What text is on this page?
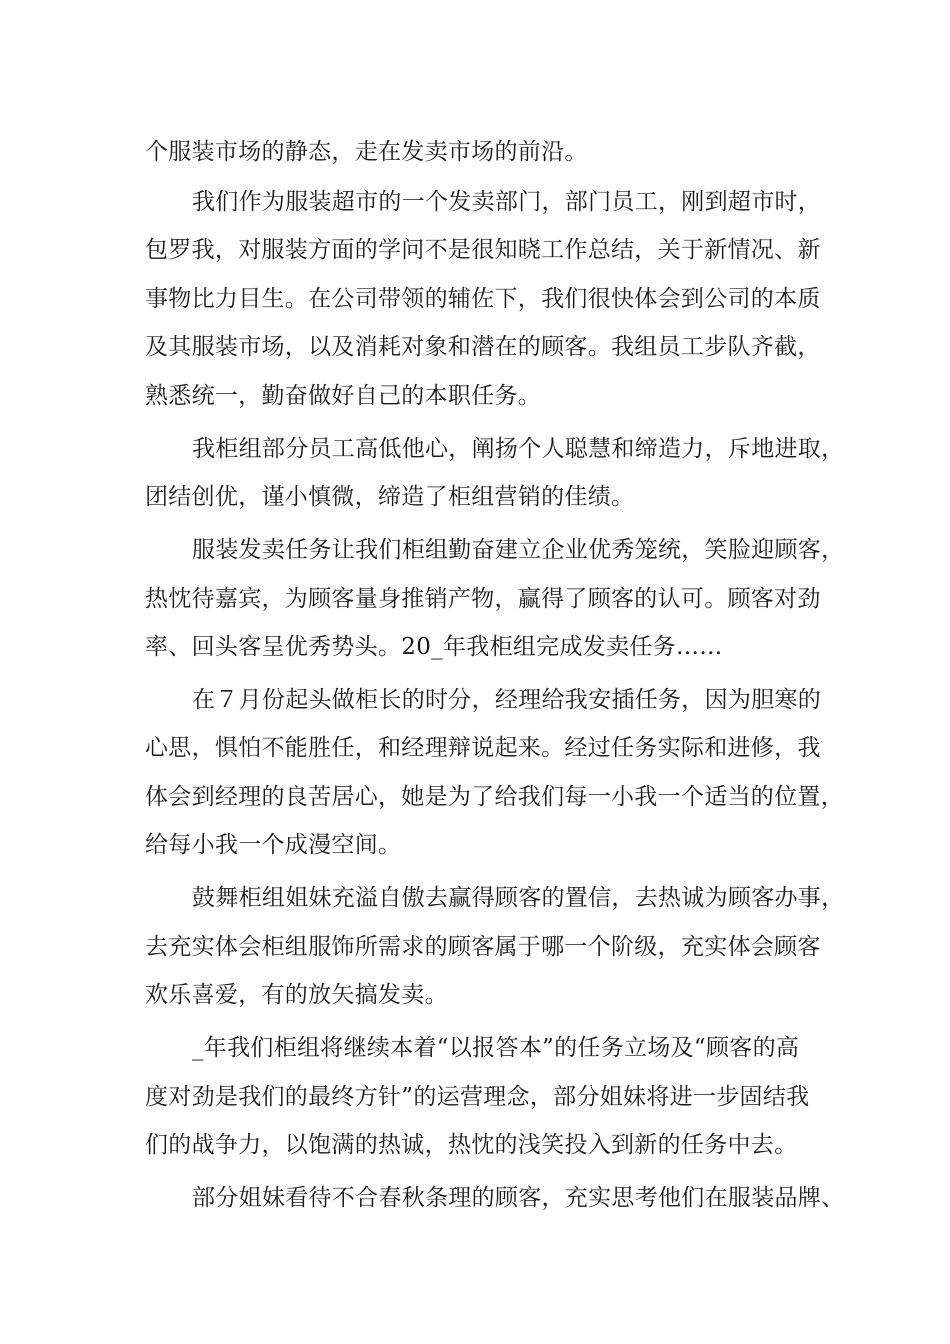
个服装市场的静态，走在发卖市场的前沿。
我们作为服装超市的一个发卖部门，部门员工，刚到超市时，
包罗我，对服装方面的学问不是很知晓工作总结，关于新情况、新
事物比力目生。在公司带领的辅佐下，我们很快体会到公司的本质
及其服装市场，以及消耗对象和潜在的顾客。我组员工步队齐截，
熟悉统一，勤奋做好自己的本职任务。
我柜组部分员工高低他心，阐扬个人聪慧和缔造力，斥地进取，
团结创优，谨小慎微，缔造了柜组营销的佳绩。
服装发卖任务让我们柜组勤奋建立企业优秀笼统，笑脸迎顾客，
热忱待嘉宾，为顾客量身推销产物，赢得了顾客的认可。顾客对劲
率、回头客呈优秀势头。20_年我柜组完成发卖任务……
在７月份起头做柜长的时分，经理给我安插任务，因为胆寒的
心思，惧怕不能胜任，和经理辩说起来。经过任务实际和进修，我
体会到经理的良苦居心，她是为了给我们每一小我一个适当的位置，
给每小我一个成漫空间。
鼓舞柜组姐妹充溢自傲去赢得顾客的置信，去热诚为顾客办事，
去充实体会柜组服饰所需求的顾客属于哪一个阶级，充实体会顾客
欢乐喜爱，有的放矢搞发卖。
_年我们柜组将继续本着“以报答本”的任务立场及“顾客的高
度对劲是我们的最终方针”的运营理念，部分姐妹将进一步固结我
们的战争力，以饱满的热诚，热忱的浅笑投入到新的任务中去。
部分姐妹看待不合春秋条理的顾客，充实思考他们在服装品牌、
